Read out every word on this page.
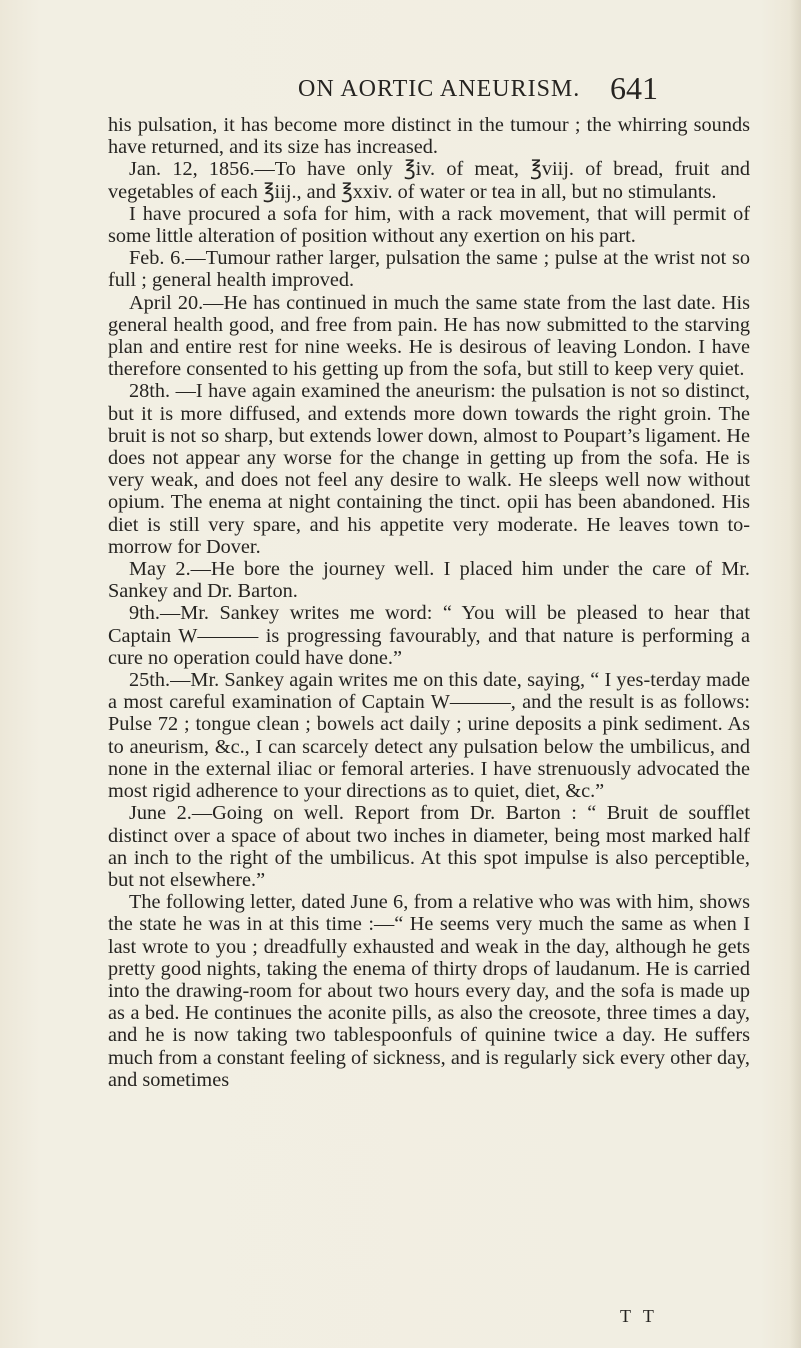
ON AORTIC ANEURISM. 641

his pulsation, it has become more distinct in the tumour ; the whirring sounds have returned, and its size has increased.

Jan. 12, 1856.—To have only ℥iv. of meat, ℥viij. of bread, fruit and vegetables of each ℥iij., and ℥xxiv. of water or tea in all, but no stimulants.

I have procured a sofa for him, with a rack movement, that will permit of some little alteration of position without any exertion on his part.

Feb. 6.—Tumour rather larger, pulsation the same ; pulse at the wrist not so full ; general health improved.

April 20.—He has continued in much the same state from the last date. His general health good, and free from pain. He has now submitted to the starving plan and entire rest for nine weeks. He is desirous of leaving London. I have therefore consented to his getting up from the sofa, but still to keep very quiet.

28th. —I have again examined the aneurism: the pulsation is not so distinct, but it is more diffused, and extends more down towards the right groin. The bruit is not so sharp, but extends lower down, almost to Poupart’s ligament. He does not appear any worse for the change in getting up from the sofa. He is very weak, and does not feel any desire to walk. He sleeps well now without opium. The enema at night containing the tinct. opii has been abandoned. His diet is still very spare, and his appetite very moderate. He leaves town to-morrow for Dover.

May 2.—He bore the journey well. I placed him under the care of Mr. Sankey and Dr. Barton.

9th.—Mr. Sankey writes me word: “ You will be pleased to hear that Captain W——— is progressing favourably, and that nature is performing a cure no operation could have done.”

25th.—Mr. Sankey again writes me on this date, saying, “ I yes-terday made a most careful examination of Captain W———, and the result is as follows: Pulse 72 ; tongue clean ; bowels act daily ; urine deposits a pink sediment. As to aneurism, &c., I can scarcely detect any pulsation below the umbilicus, and none in the external iliac or femoral arteries. I have strenuously advocated the most rigid adherence to your directions as to quiet, diet, &c.”

June 2.—Going on well. Report from Dr. Barton : “ Bruit de soufflet distinct over a space of about two inches in diameter, being most marked half an inch to the right of the umbilicus. At this spot impulse is also perceptible, but not elsewhere.”

The following letter, dated June 6, from a relative who was with him, shows the state he was in at this time :—“ He seems very much the same as when I last wrote to you ; dreadfully exhausted and weak in the day, although he gets pretty good nights, taking the enema of thirty drops of laudanum. He is carried into the drawing-room for about two hours every day, and the sofa is made up as a bed. He continues the aconite pills, as also the creosote, three times a day, and he is now taking two tablespoonfuls of quinine twice a day. He suffers much from a constant feeling of sickness, and is regularly sick every other day, and sometimes

T T
